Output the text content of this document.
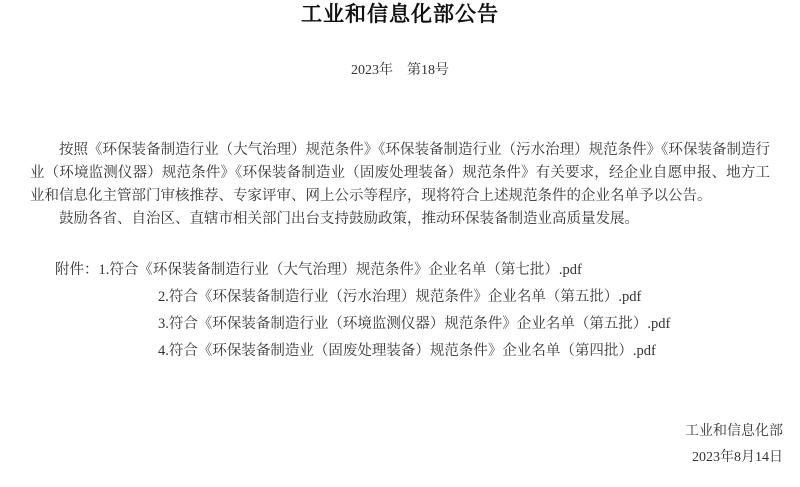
工业和信息化部公告
2023年　第18号

按照《环保装备制造行业（大气治理）规范条件》《环保装备制造行业（污水治理）规范条件》《环保装备制造行业（环境监测仪器）规范条件》《环保装备制造业（固废处理装备）规范条件》有关要求，经企业自愿申报、地方工业和信息化主管部门审核推荐、专家评审、网上公示等程序，现将符合上述规范条件的企业名单予以公告。

鼓励各省、自治区、直辖市相关部门出台支持鼓励政策，推动环保装备制造业高质量发展。

附件：1.符合《环保装备制造行业（大气治理）规范条件》企业名单（第七批）.pdf
2.符合《环保装备制造行业（污水治理）规范条件》企业名单（第五批）.pdf
3.符合《环保装备制造行业（环境监测仪器）规范条件》企业名单（第五批）.pdf
4.符合《环保装备制造业（固废处理装备）规范条件》企业名单（第四批）.pdf
工业和信息化部
2023年8月14日
